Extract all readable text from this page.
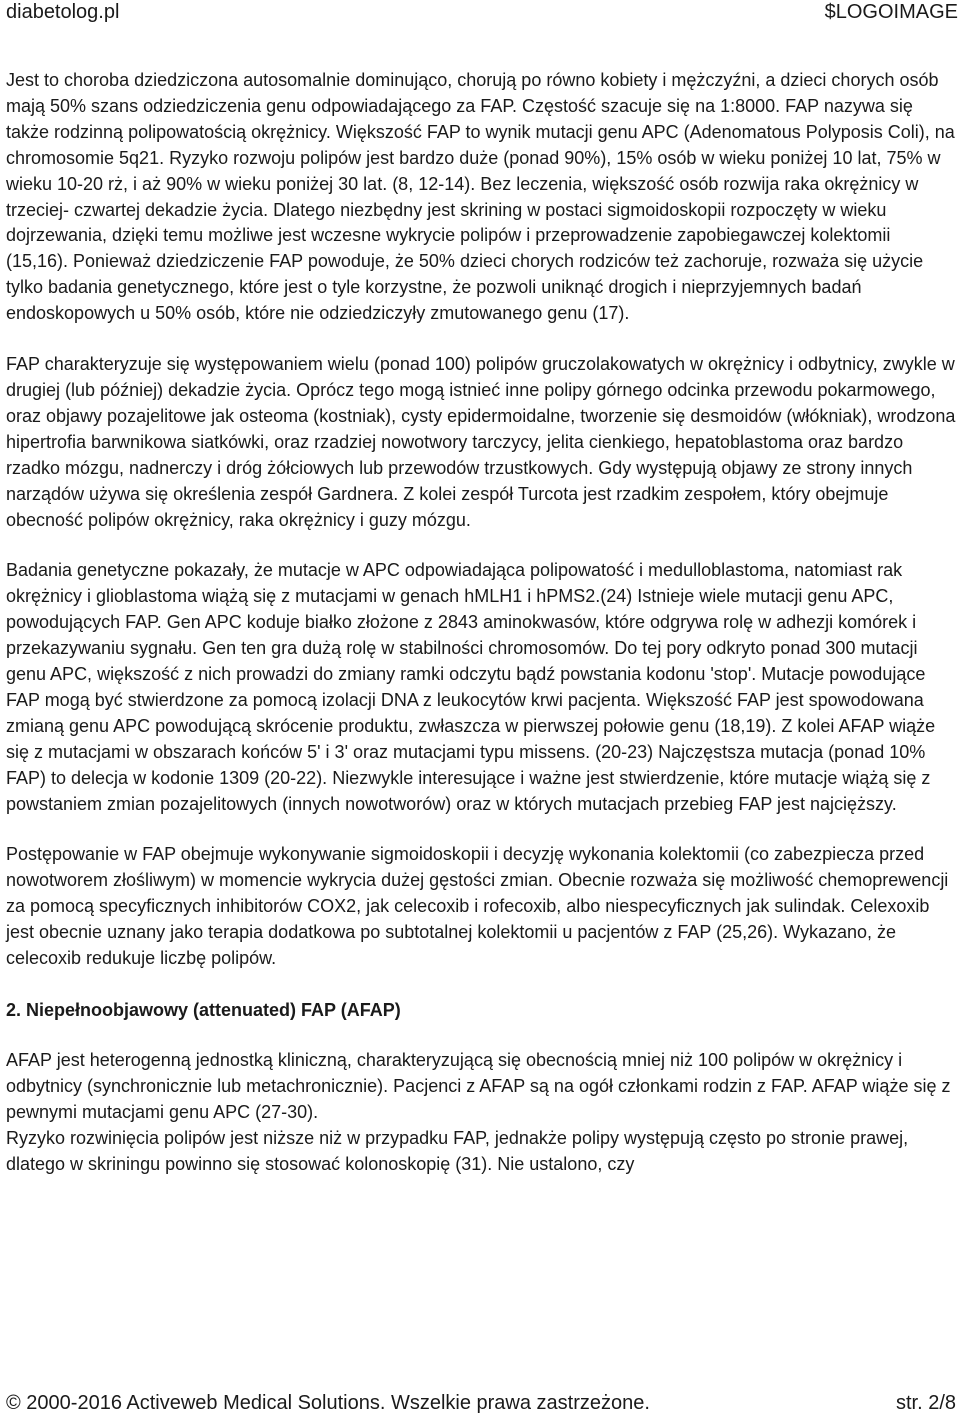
diabetolog.pl	$LOGOIMAGE

Jest to choroba dziedziczona autosomalnie dominująco, chorują po równo kobiety i mężczyźni, a dzieci chorych osób mają 50% szans odziedziczenia genu odpowiadającego za FAP. Częstość szacuje się na 1:8000. FAP nazywa się także rodzinną polipowatością okrężnicy. Większość FAP to wynik mutacji genu APC (Adenomatous Polyposis Coli), na chromosomie 5q21. Ryzyko rozwoju polipów jest bardzo duże (ponad 90%), 15% osób w wieku poniżej 10 lat, 75% w wieku 10-20 rż, i aż 90% w wieku poniżej 30 lat. (8, 12-14). Bez leczenia, większość osób rozwija raka okrężnicy w trzeciej- czwartej dekadzie życia. Dlatego niezbędny jest skrining w postaci sigmoidoskopii rozpoczęty w wieku dojrzewania, dzięki temu możliwe jest wczesne wykrycie polipów i przeprowadzenie zapobiegawczej kolektomii (15,16). Ponieważ dziedziczenie FAP powoduje, że 50% dzieci chorych rodziców też zachoruje, rozważa się użycie tylko badania genetycznego, które jest o tyle korzystne, że pozwoli uniknąć drogich i nieprzyjemnych badań endoskopowych u 50% osób, które nie odziedziczyły zmutowanego genu (17).

FAP charakteryzuje się występowaniem wielu (ponad 100) polipów gruczolakowatych w okrężnicy i odbytnicy, zwykle w drugiej (lub później) dekadzie życia. Oprócz tego mogą istnieć inne polipy górnego odcinka przewodu pokarmowego, oraz objawy pozajelitowe jak osteoma (kostniak), cysty epidermoidalne, tworzenie się desmoidów (włókniak), wrodzona hipertrofia barwnikowa siatkówki, oraz rzadziej nowotwory tarczycy, jelita cienkiego, hepatoblastoma oraz bardzo rzadko mózgu, nadnerczy i dróg żółciowych lub przewodów trzustkowych. Gdy występują objawy ze strony innych narządów używa się określenia zespół Gardnera. Z kolei zespół Turcota jest rzadkim zespołem, który obejmuje obecność polipów okrężnicy, raka okrężnicy i guzy mózgu.

Badania genetyczne pokazały, że mutacje w APC odpowiadająca polipowatość i medulloblastoma, natomiast rak okrężnicy i glioblastoma wiążą się z mutacjami w genach hMLH1 i hPMS2.(24) Istnieje wiele mutacji genu APC, powodujących FAP. Gen APC koduje białko złożone z 2843 aminokwasów, które odgrywa rolę w adhezji komórek i przekazywaniu sygnału. Gen ten gra dużą rolę w stabilności chromosomów. Do tej pory odkryto ponad 300 mutacji genu APC, większość z nich prowadzi do zmiany ramki odczytu bądź powstania kodonu 'stop'. Mutacje powodujące FAP mogą być stwierdzone za pomocą izolacji DNA z leukocytów krwi pacjenta. Większość FAP jest spowodowana zmianą genu APC powodującą skrócenie produktu, zwłaszcza w pierwszej połowie genu (18,19). Z kolei AFAP wiąże się z mutacjami w obszarach końców 5' i 3' oraz mutacjami typu missens. (20-23) Najczęstsza mutacja (ponad 10% FAP) to delecja w kodonie 1309 (20-22). Niezwykle interesujące i ważne jest stwierdzenie, które mutacje wiążą się z powstaniem zmian pozajelitowych (innych nowotworów) oraz w których mutacjach przebieg FAP jest najcięższy.

Postępowanie w FAP obejmuje wykonywanie sigmoidoskopii i decyzję wykonania kolektomii (co zabezpiecza przed nowotworem złośliwym) w momencie wykrycia dużej gęstości zmian. Obecnie rozważa się możliwość chemoprewencji za pomocą specyficznych inhibitorów COX2, jak celecoxib i rofecoxib, albo niespecyficznych jak sulindak. Celexoxib jest obecnie uznany jako terapia dodatkowa po subtotalnej kolektomii u pacjentów z FAP (25,26). Wykazano, że celecoxib redukuje liczbę polipów.

2. Niepełnoobjawowy (attenuated) FAP (AFAP)

AFAP jest heterogenną jednostką kliniczną, charakteryzującą się obecnością mniej niż 100 polipów w okrężnicy i odbytnicy (synchronicznie lub metachronicznie). Pacjenci z AFAP są na ogół członkami rodzin z FAP. AFAP wiąże się z pewnymi mutacjami genu APC (27-30).

Ryzyko rozwinięcia polipów jest niższe niż w przypadku FAP, jednakże polipy występują często po stronie prawej, dlatego w skriningu powinno się stosować kolonoskopię (31). Nie ustalono, czy

© 2000-2016 Activeweb Medical Solutions. Wszelkie prawa zastrzeżone.	str. 2/8
